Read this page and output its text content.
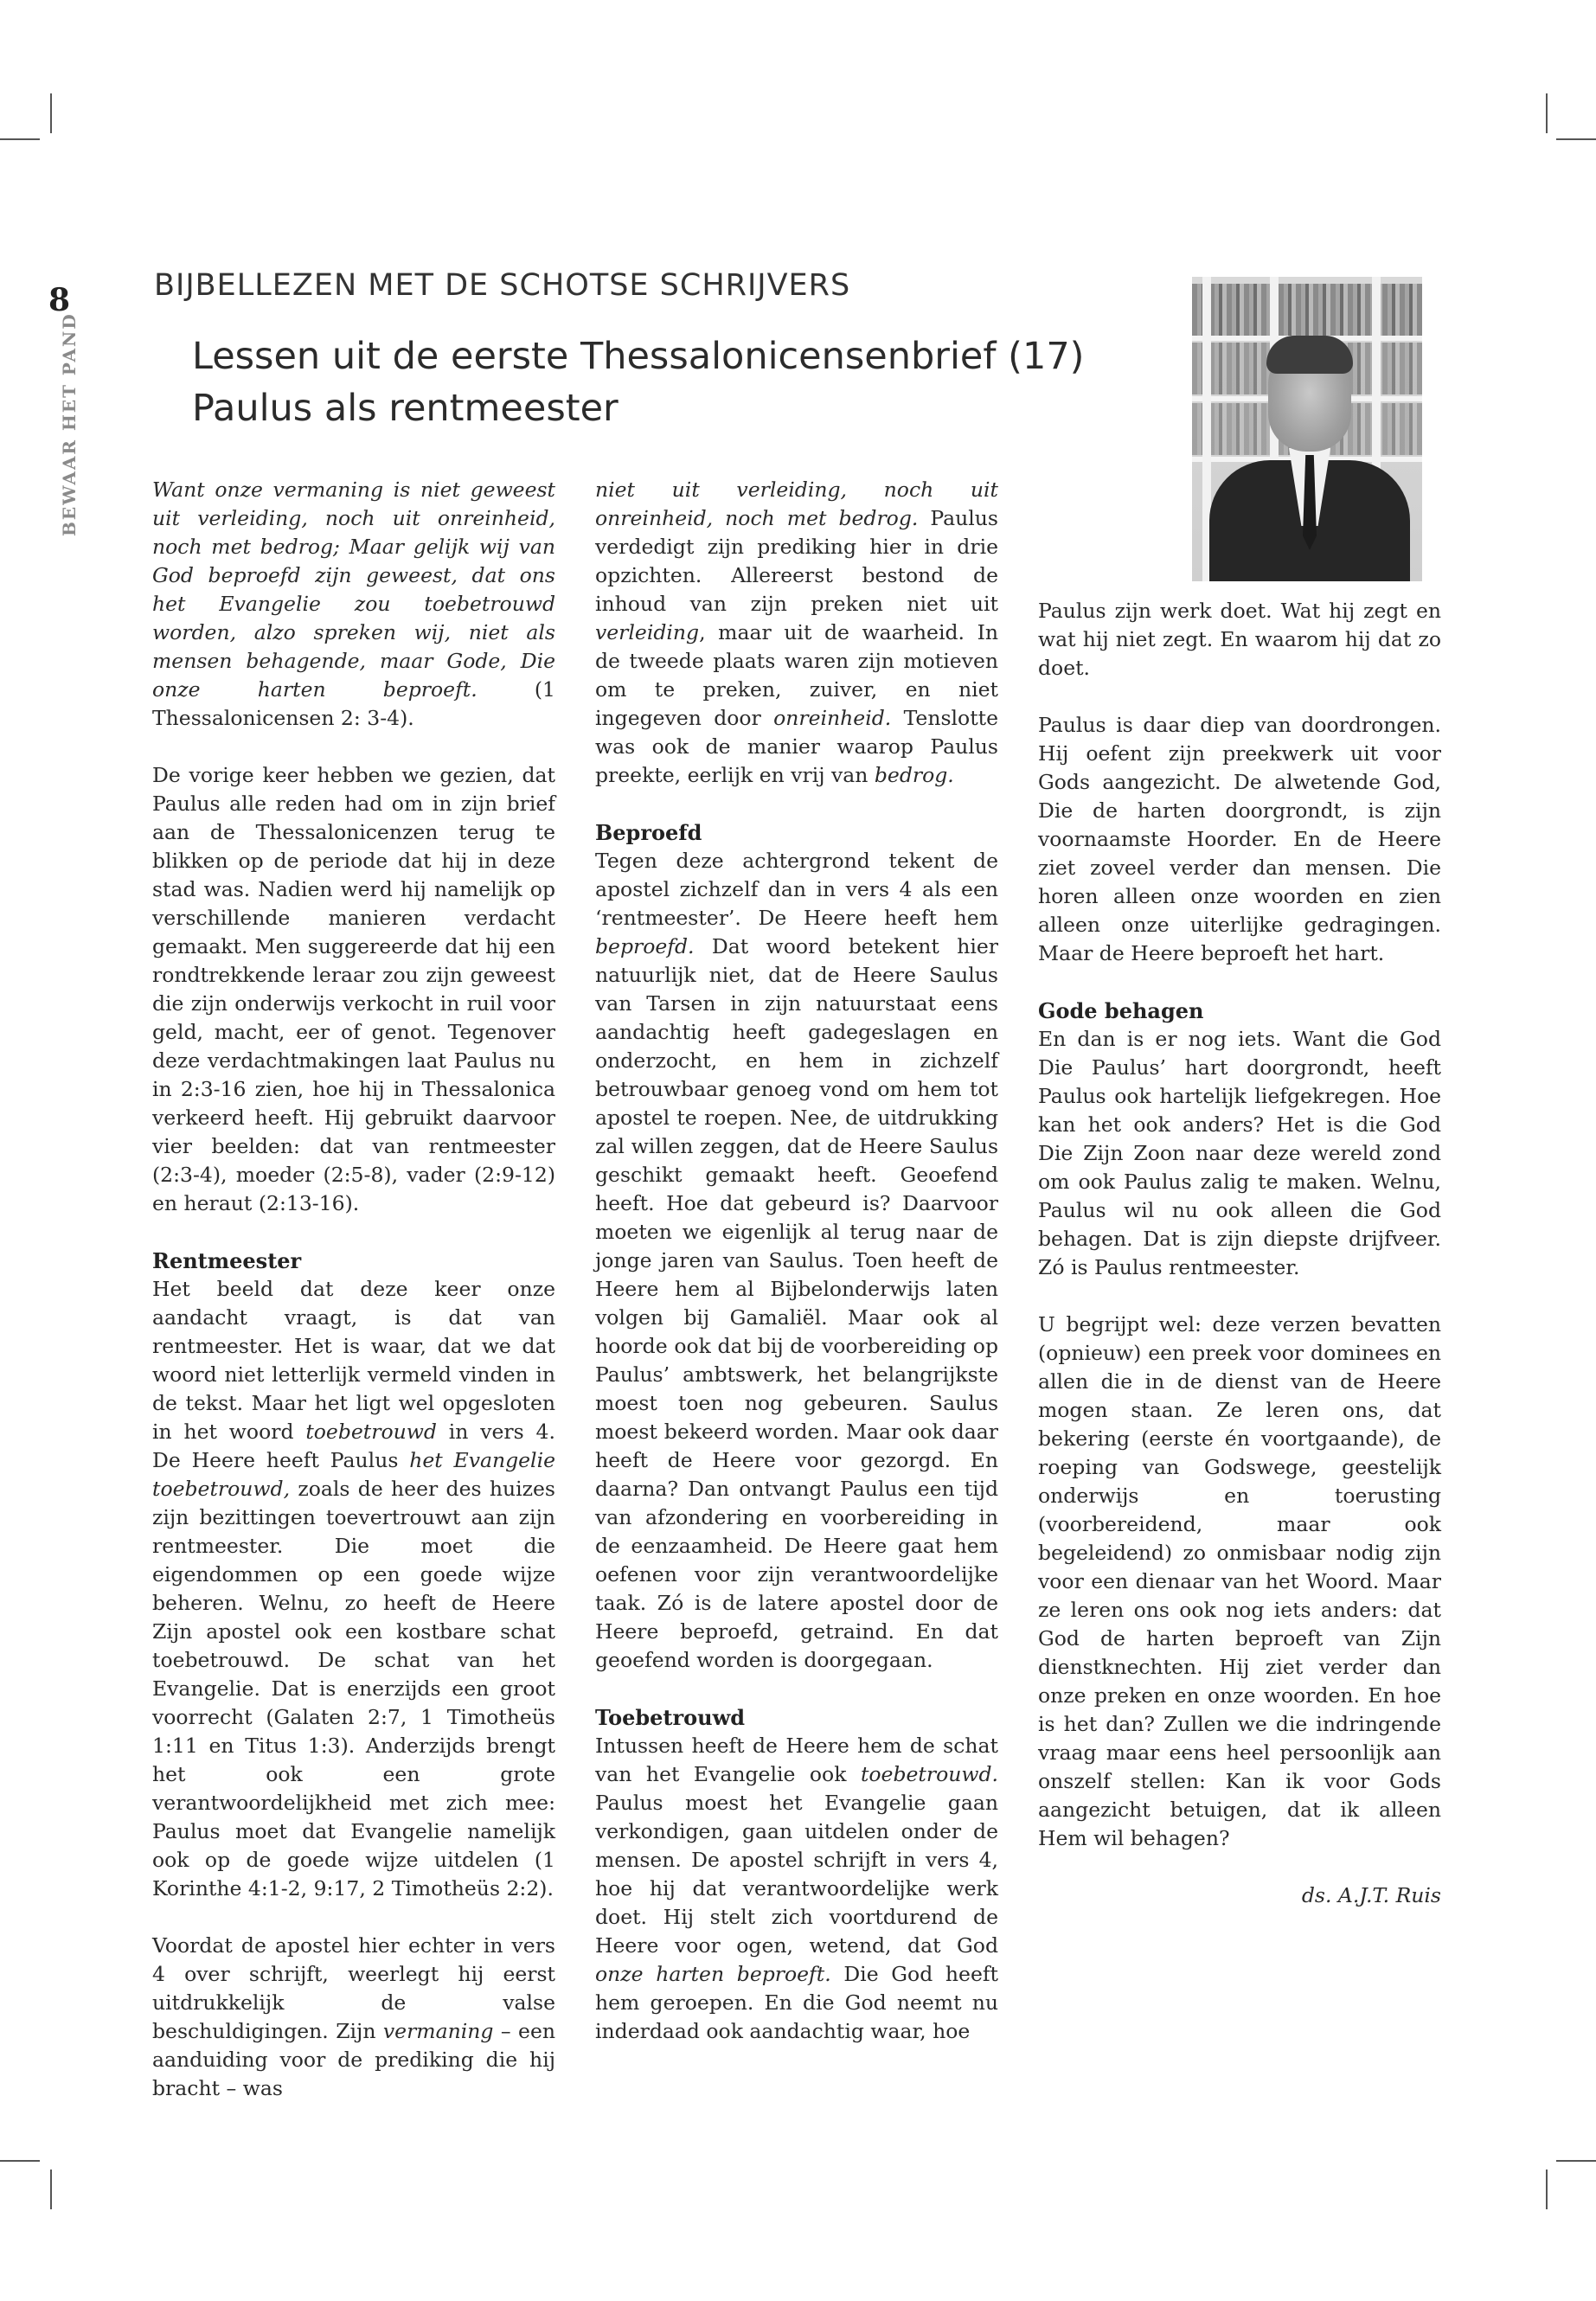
8
BEWAAR HET PAND
BIJBELLEZEN MET DE SCHOTSE SCHRIJVERS
Lessen uit de eerste Thessalonicensenbrief (17)
Paulus als rentmeester

Want onze vermaning is niet geweest uit verleiding, noch uit onreinheid, noch met bedrog; Maar gelijk wij van God beproefd zijn geweest, dat ons het Evangelie zou toebetrouwd worden, alzo spreken wij, niet als mensen behagende, maar Gode, Die onze harten beproeft. (1 Thessalonicensen 2: 3-4).

De vorige keer hebben we gezien, dat Paulus alle reden had om in zijn brief aan de Thessalonicenzen terug te blikken op de periode dat hij in deze stad was. Nadien werd hij namelijk op verschillende manieren verdacht gemaakt. Men suggereerde dat hij een rondtrekkende leraar zou zijn geweest die zijn onderwijs verkocht in ruil voor geld, macht, eer of genot. Tegenover deze verdachtmakingen laat Paulus nu in 2:3-16 zien, hoe hij in Thessalonica verkeerd heeft. Hij gebruikt daarvoor vier beelden: dat van rentmeester (2:3-4), moeder (2:5-8), vader (2:9-12) en heraut (2:13-16).

Rentmeester

Het beeld dat deze keer onze aandacht vraagt, is dat van rentmeester. Het is waar, dat we dat woord niet letterlijk vermeld vinden in de tekst. Maar het ligt wel opgesloten in het woord toebetrouwd in vers 4. De Heere heeft Paulus het Evangelie toebetrouwd, zoals de heer des huizes zijn bezittingen toevertrouwt aan zijn rentmeester. Die moet die eigendommen op een goede wijze beheren. Welnu, zo heeft de Heere Zijn apostel ook een kostbare schat toebetrouwd. De schat van het Evangelie. Dat is enerzijds een groot voorrecht (Galaten 2:7, 1 Timotheüs 1:11 en Titus 1:3). Anderzijds brengt het ook een grote verantwoordelijkheid met zich mee: Paulus moet dat Evangelie namelijk ook op de goede wijze uitdelen (1 Korinthe 4:1-2, 9:17, 2 Timotheüs 2:2).

Voordat de apostel hier echter in vers 4 over schrijft, weerlegt hij eerst uitdrukkelijk de valse beschuldigingen. Zijn vermaning – een aanduiding voor de prediking die hij bracht – was

niet uit verleiding, noch uit onreinheid, noch met bedrog. Paulus verdedigt zijn prediking hier in drie opzichten. Allereerst bestond de inhoud van zijn preken niet uit verleiding, maar uit de waarheid. In de tweede plaats waren zijn motieven om te preken, zuiver, en niet ingegeven door onreinheid. Tenslotte was ook de manier waarop Paulus preekte, eerlijk en vrij van bedrog.

Beproefd

Tegen deze achtergrond tekent de apostel zichzelf dan in vers 4 als een ‘rentmeester’. De Heere heeft hem beproefd. Dat woord betekent hier natuurlijk niet, dat de Heere Saulus van Tarsen in zijn natuurstaat eens aandachtig heeft gadegeslagen en onderzocht, en hem in zichzelf betrouwbaar genoeg vond om hem tot apostel te roepen. Nee, de uitdrukking zal willen zeggen, dat de Heere Saulus geschikt gemaakt heeft. Geoefend heeft. Hoe dat gebeurd is? Daarvoor moeten we eigenlijk al terug naar de jonge jaren van Saulus. Toen heeft de Heere hem al Bijbelonderwijs laten volgen bij Gamaliël. Maar ook al hoorde ook dat bij de voorbereiding op Paulus’ ambtswerk, het belangrijkste moest toen nog gebeuren. Saulus moest bekeerd worden. Maar ook daar heeft de Heere voor gezorgd. En daarna? Dan ontvangt Paulus een tijd van afzondering en voorbereiding in de eenzaamheid. De Heere gaat hem oefenen voor zijn verantwoordelijke taak. Zó is de latere apostel door de Heere beproefd, getraind. En dat geoefend worden is doorgegaan.

Toebetrouwd

Intussen heeft de Heere hem de schat van het Evangelie ook toebetrouwd. Paulus moest het Evangelie gaan verkondigen, gaan uitdelen onder de mensen. De apostel schrijft in vers 4, hoe hij dat verantwoordelijke werk doet. Hij stelt zich voortdurend de Heere voor ogen, wetend, dat God onze harten beproeft. Die God heeft hem geroepen. En die God neemt nu inderdaad ook aandachtig waar, hoe

Paulus zijn werk doet. Wat hij zegt en wat hij niet zegt. En waarom hij dat zo doet.

Paulus is daar diep van doordrongen. Hij oefent zijn preekwerk uit voor Gods aangezicht. De alwetende God, Die de harten doorgrondt, is zijn voornaamste Hoorder. En de Heere ziet zoveel verder dan mensen. Die horen alleen onze woorden en zien alleen onze uiterlijke gedragingen. Maar de Heere beproeft het hart.

Gode behagen

En dan is er nog iets. Want die God Die Paulus’ hart doorgrondt, heeft Paulus ook hartelijk liefgekregen. Hoe kan het ook anders? Het is die God Die Zijn Zoon naar deze wereld zond om ook Paulus zalig te maken. Welnu, Paulus wil nu ook alleen die God behagen. Dat is zijn diepste drijfveer. Zó is Paulus rentmeester.

U begrijpt wel: deze verzen bevatten (opnieuw) een preek voor dominees en allen die in de dienst van de Heere mogen staan. Ze leren ons, dat bekering (eerste én voortgaande), de roeping van Godswege, geestelijk onderwijs en toerusting (voorbereidend, maar ook begeleidend) zo onmisbaar nodig zijn voor een dienaar van het Woord. Maar ze leren ons ook nog iets anders: dat God de harten beproeft van Zijn dienstknechten. Hij ziet verder dan onze preken en onze woorden. En hoe is het dan? Zullen we die indringende vraag maar eens heel persoonlijk aan onszelf stellen: Kan ik voor Gods aangezicht betuigen, dat ik alleen Hem wil behagen?

ds. A.J.T. Ruis
